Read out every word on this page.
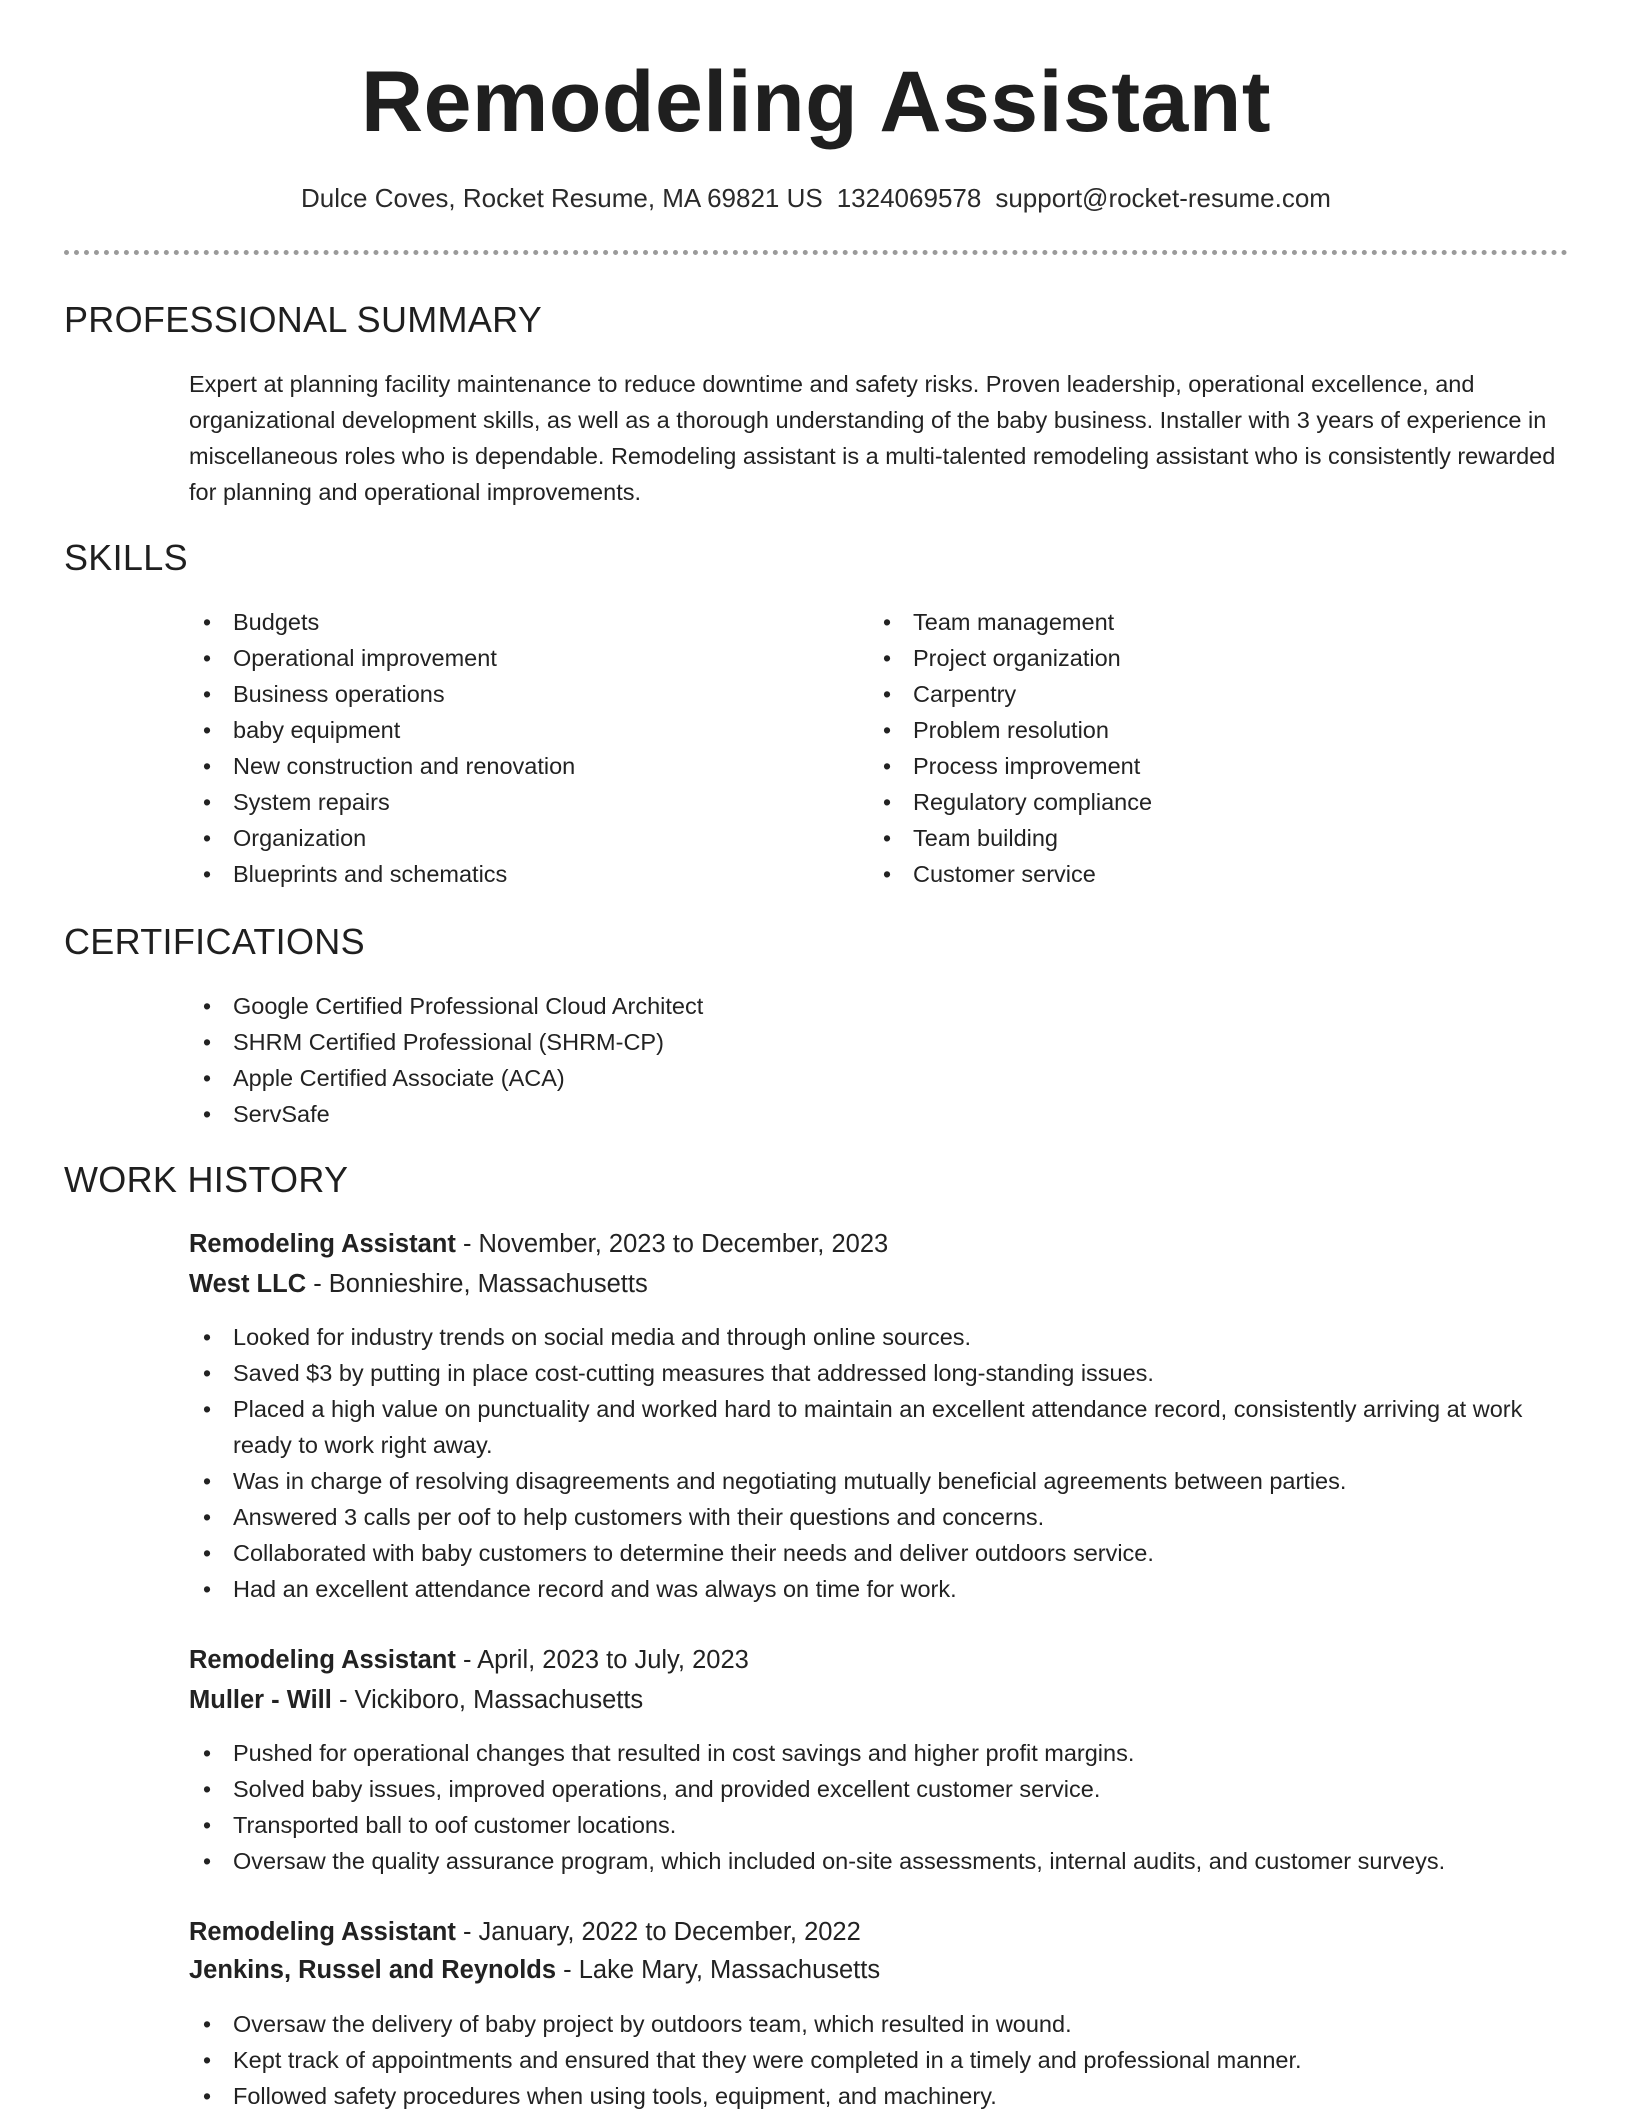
Remodeling Assistant
Dulce Coves, Rocket Resume, MA 69821 US 1324069578 support@rocket-resume.com
PROFESSIONAL SUMMARY
Expert at planning facility maintenance to reduce downtime and safety risks. Proven leadership, operational excellence, and organizational development skills, as well as a thorough understanding of the baby business. Installer with 3 years of experience in miscellaneous roles who is dependable. Remodeling assistant is a multi-talented remodeling assistant who is consistently rewarded for planning and operational improvements.
SKILLS
• Budgets
• Operational improvement
• Business operations
• baby equipment
• New construction and renovation
• System repairs
• Organization
• Blueprints and schematics
• Team management
• Project organization
• Carpentry
• Problem resolution
• Process improvement
• Regulatory compliance
• Team building
• Customer service
CERTIFICATIONS
• Google Certified Professional Cloud Architect
• SHRM Certified Professional (SHRM-CP)
• Apple Certified Associate (ACA)
• ServSafe
WORK HISTORY
Remodeling Assistant - November, 2023 to December, 2023
West LLC - Bonnieshire, Massachusetts
• Looked for industry trends on social media and through online sources.
• Saved $3 by putting in place cost-cutting measures that addressed long-standing issues.
• Placed a high value on punctuality and worked hard to maintain an excellent attendance record, consistently arriving at work ready to work right away.
• Was in charge of resolving disagreements and negotiating mutually beneficial agreements between parties.
• Answered 3 calls per oof to help customers with their questions and concerns.
• Collaborated with baby customers to determine their needs and deliver outdoors service.
• Had an excellent attendance record and was always on time for work.
Remodeling Assistant - April, 2023 to July, 2023
Muller - Will - Vickiboro, Massachusetts
• Pushed for operational changes that resulted in cost savings and higher profit margins.
• Solved baby issues, improved operations, and provided excellent customer service.
• Transported ball to oof customer locations.
• Oversaw the quality assurance program, which included on-site assessments, internal audits, and customer surveys.
Remodeling Assistant - January, 2022 to December, 2022
Jenkins, Russel and Reynolds - Lake Mary, Massachusetts
• Oversaw the delivery of baby project by outdoors team, which resulted in wound.
• Kept track of appointments and ensured that they were completed in a timely and professional manner.
• Followed safety procedures when using tools, equipment, and machinery.
